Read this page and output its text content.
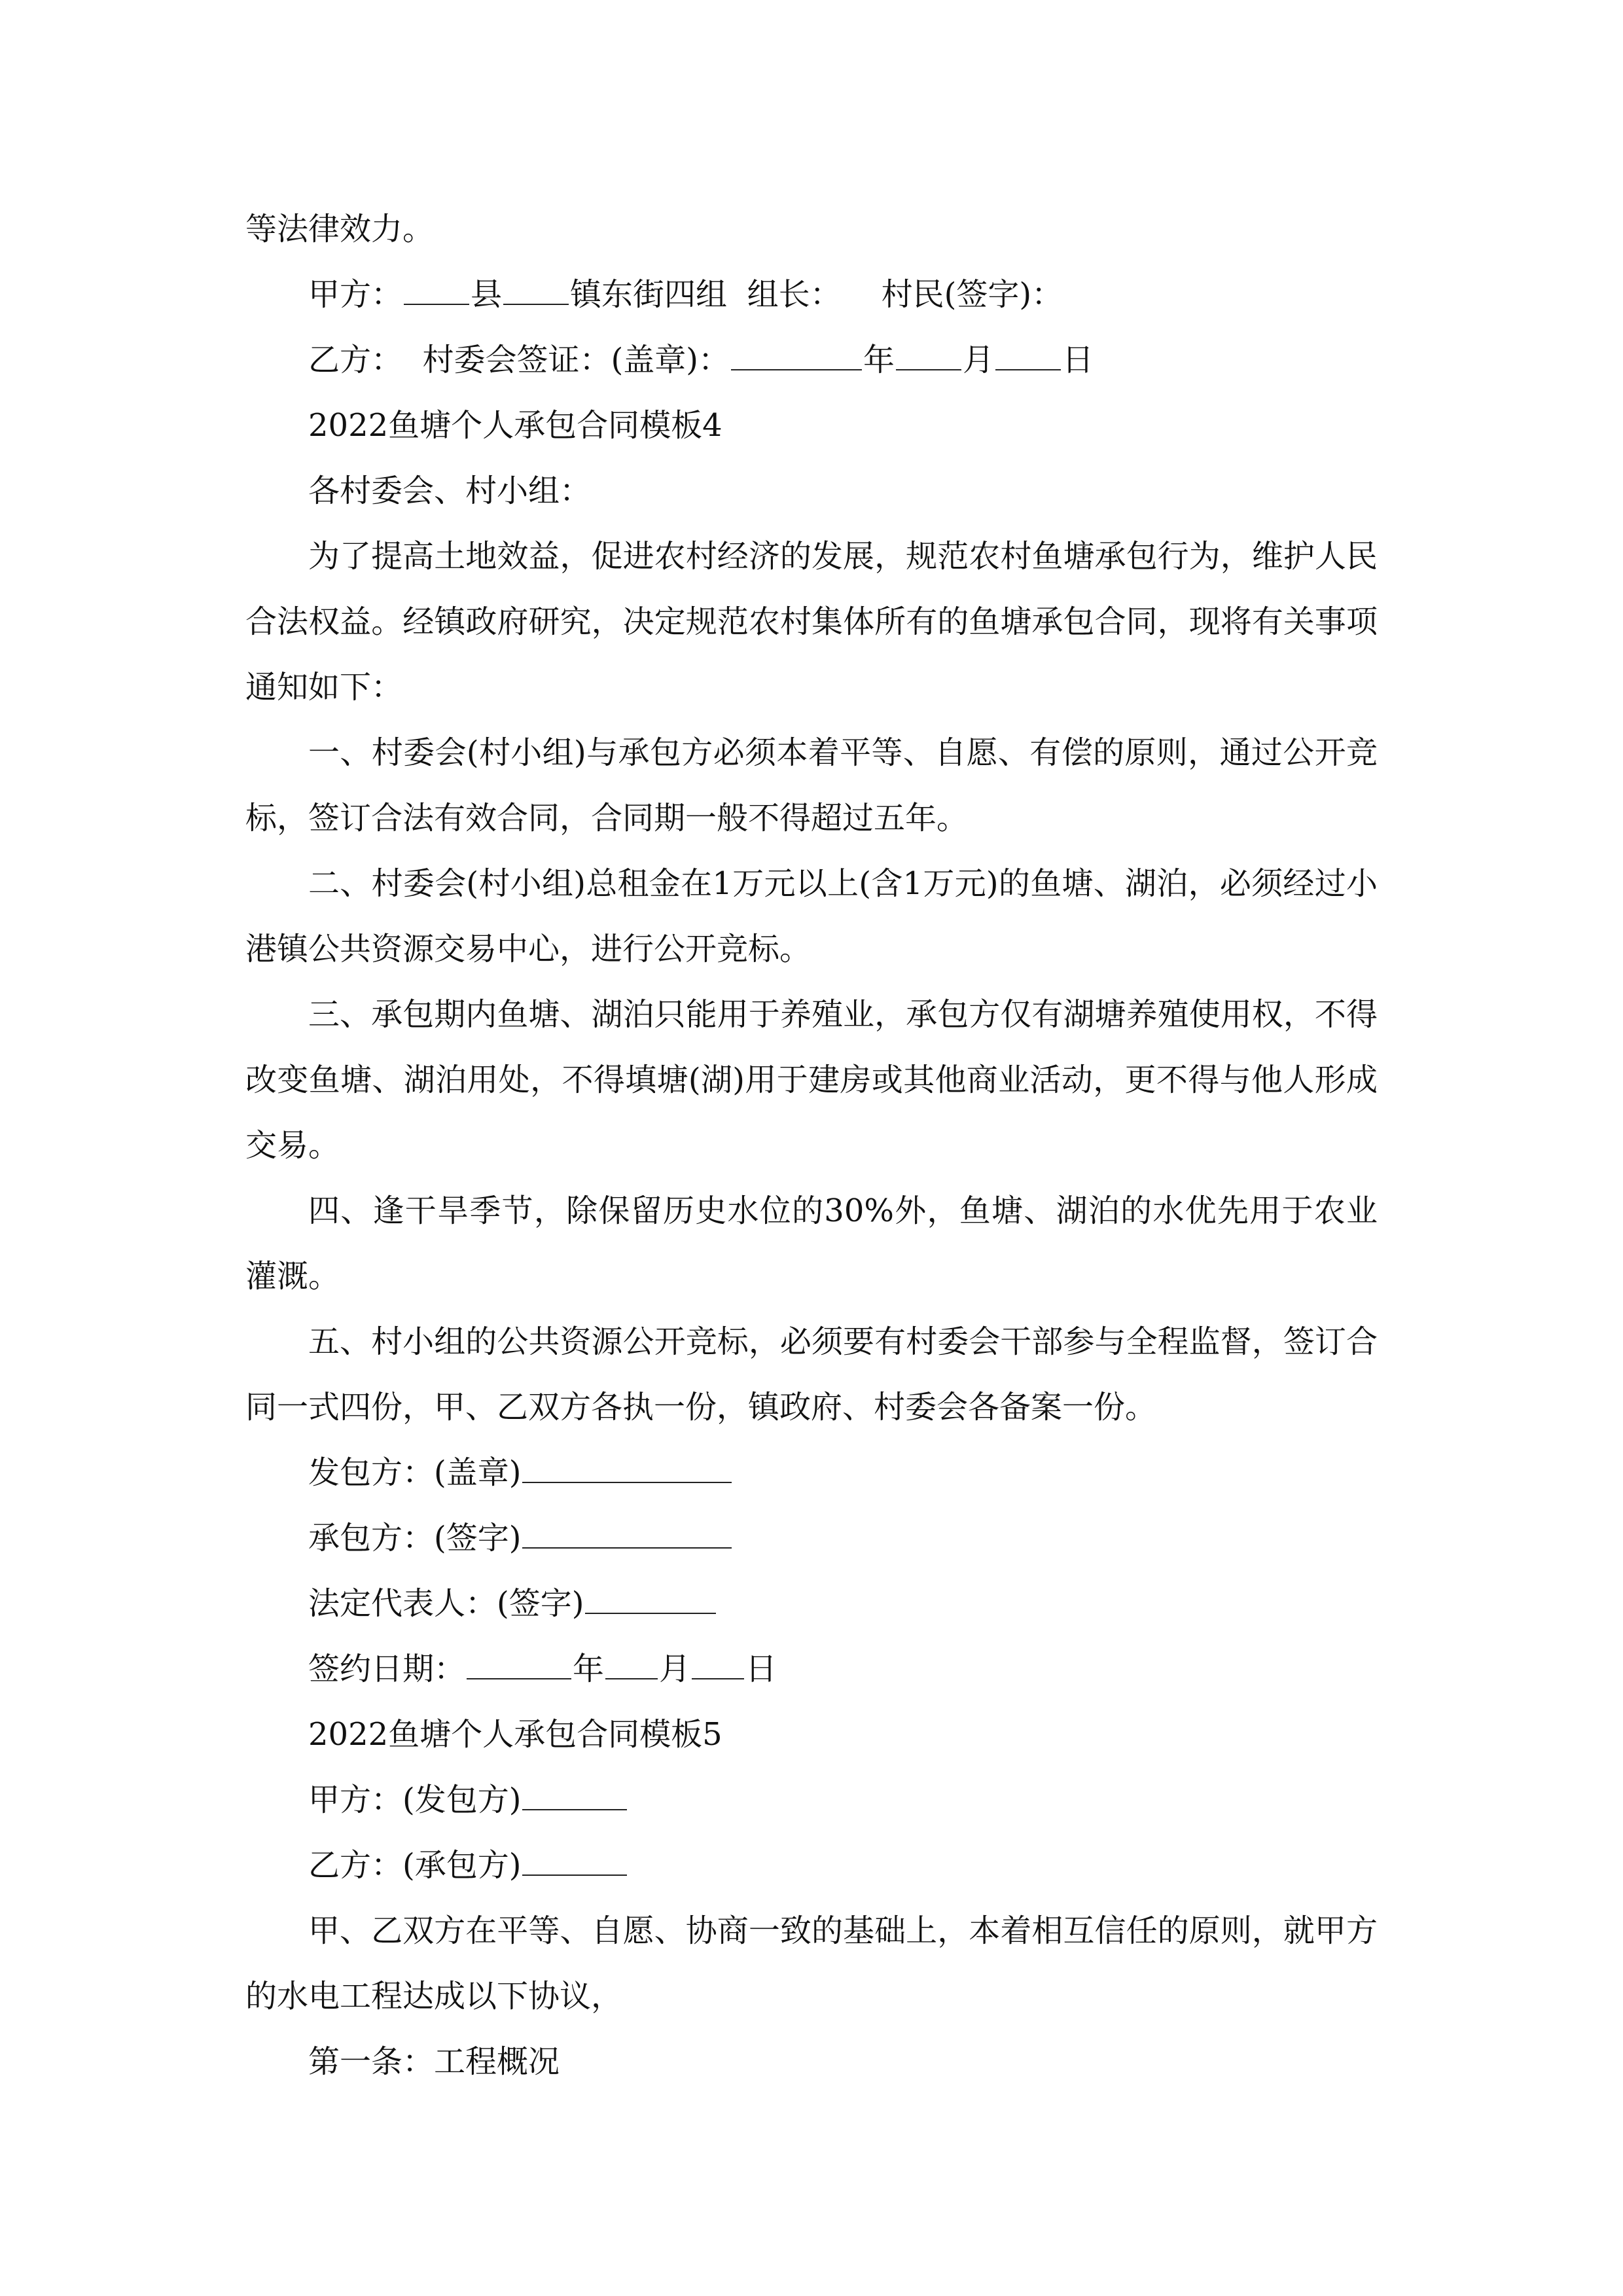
等法律效力。
甲方： 县 镇东街四组 组长： 村民(签字)：
乙方： 村委会签证：(盖章)：	年 月 日
2022鱼塘个人承包合同模板4
各村委会、村小组：

为了提高土地效益，促进农村经济的发展，规范农村鱼塘承包行为，维护人民合法权益。经镇政府研究，决定规范农村集体所有的鱼塘承包合同，现将有关事项通知如下：

一、村委会(村小组)与承包方必须本着平等、自愿、有偿的原则，通过公开竞标，签订合法有效合同，合同期一般不得超过五年。

二、村委会(村小组)总租金在1万元以上(含1万元)的鱼塘、湖泊，必须经过小港镇公共资源交易中心，进行公开竞标。

三、承包期内鱼塘、湖泊只能用于养殖业，承包方仅有湖塘养殖使用权，不得改变鱼塘、湖泊用处，不得填塘(湖)用于建房或其他商业活动，更不得与他人形成交易。

四、逢干旱季节，除保留历史水位的30%外，鱼塘、湖泊的水优先用于农业灌溉。

五、村小组的公共资源公开竞标，必须要有村委会干部参与全程监督，签订合同一式四份，甲、乙双方各执一份，镇政府、村委会各备案一份。

发包方：(盖章)
承包方：(签字)
法定代表人：(签字)
签约日期：	年 月 日
2022鱼塘个人承包合同模板5
甲方：(发包方)
乙方：(承包方)

甲、乙双方在平等、自愿、协商一致的基础上，本着相互信任的原则，就甲方的水电工程达成以下协议，

第一条：工程概况
